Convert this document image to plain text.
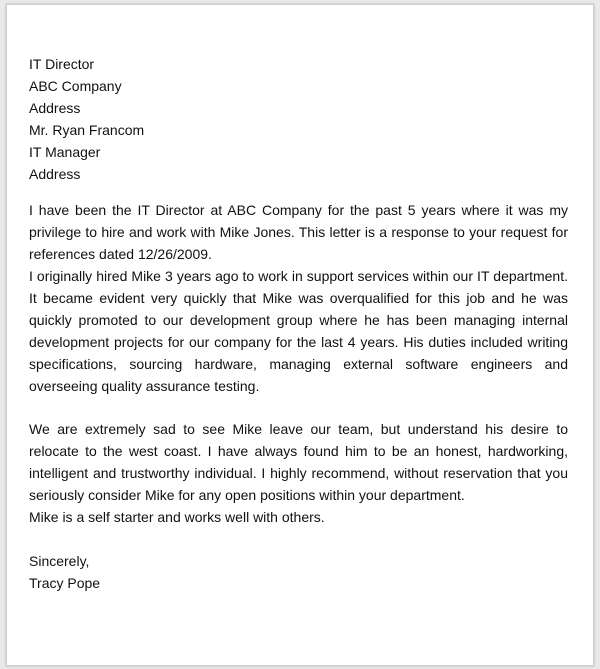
IT Director
ABC Company
Address
Mr. Ryan Francom
IT Manager
Address

I have been the IT Director at ABC Company for the past 5 years where it was my privilege to hire and work with Mike Jones. This letter is a response to your request for references dated 12/26/2009.

I originally hired Mike 3 years ago to work in support services within our IT department. It became evident very quickly that Mike was overqualified for this job and he was quickly promoted to our development group where he has been managing internal development projects for our company for the last 4 years. His duties included writing specifications, sourcing hardware, managing external software engineers and overseeing quality assurance testing.

We are extremely sad to see Mike leave our team, but understand his desire to relocate to the west coast. I have always found him to be an honest, hardworking, intelligent and trustworthy individual. I highly recommend, without reservation that you seriously consider Mike for any open positions within your department.

Mike is a self starter and works well with others.

Sincerely,
Tracy Pope
